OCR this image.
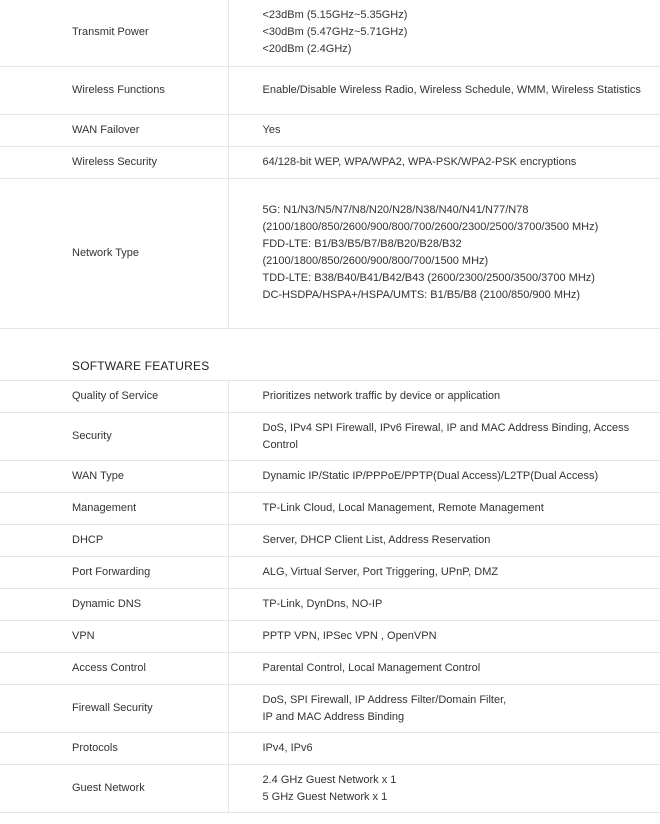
Transmit Power	<23dBm (5.15GHz~5.35GHz)
<30dBm (5.47GHz~5.71GHz)
<20dBm (2.4GHz)

Wireless Functions	Enable/Disable Wireless Radio, Wireless Schedule, WMM, Wireless Statistics

WAN Failover	Yes

Wireless Security	64/128-bit WEP, WPA/WPA2, WPA-PSK/WPA2-PSK encryptions

Network Type	5G: N1/N3/N5/N7/N8/N20/N28/N38/N40/N41/N77/N78 (2100/1800/850/2600/900/800/700/2600/2300/2500/3700/3500 MHz)
FDD-LTE: B1/B3/B5/B7/B8/B20/B28/B32 (2100/1800/850/2600/900/800/700/1500 MHz)
TDD-LTE: B38/B40/B41/B42/B43 (2600/2300/2500/3500/3700 MHz)
DC-HSDPA/HSPA+/HSPA/UMTS: B1/B5/B8 (2100/850/900 MHz)
SOFTWARE FEATURES
Quality of Service	Prioritizes network traffic by device or application

Security	DoS, IPv4 SPI Firewall, IPv6 Firewal, IP and MAC Address Binding, Access Control

WAN Type	Dynamic IP/Static IP/PPPoE/PPTP(Dual Access)/L2TP(Dual Access)

Management	TP-Link Cloud, Local Management, Remote Management

DHCP	Server, DHCP Client List, Address Reservation

Port Forwarding	ALG, Virtual Server, Port Triggering, UPnP, DMZ

Dynamic DNS	TP-Link, DynDns, NO-IP

VPN	PPTP VPN, IPSec VPN , OpenVPN

Access Control	Parental Control, Local Management Control

Firewall Security	DoS, SPI Firewall, IP Address Filter/Domain Filter,
IP and MAC Address Binding

Protocols	IPv4, IPv6

Guest Network	2.4 GHz Guest Network x 1
5 GHz Guest Network x 1
